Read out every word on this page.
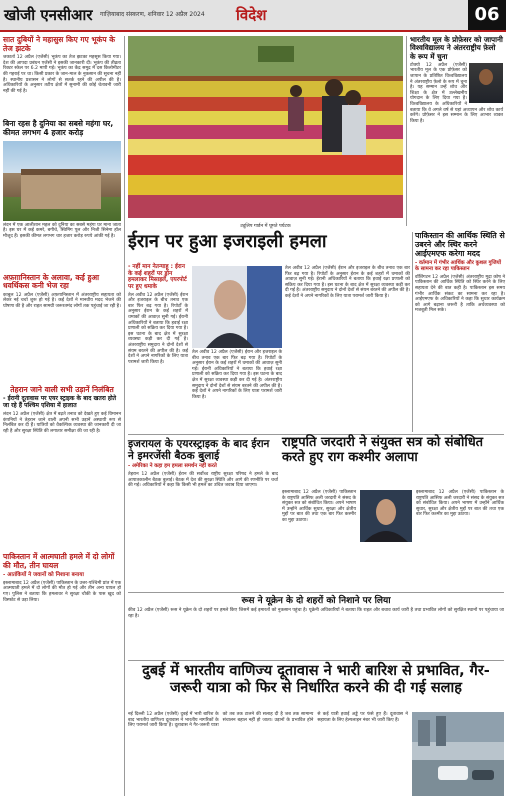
खोजी एनसीआर गाज़ियाबाद संस्करण, शनिवार 12 अप्रैल 2024 विदेश	06
सात दुबियों ने महासुस किए गए भूकंप के तेज झटके
जकार्ता 12 अप्रैल (एजेंसी) भूकंप का तेज झटका महसूस किया गया। देश की आपदा प्रबंधन एजेंसी ने इसकी जानकारी दी। भूकंप की तीव्रता रिक्टर स्केल पर 6.2 मापी गई। भूकंप का केंद्र समुद्र में दस किलोमीटर की गहराई पर था। किसी प्रकार के जान-माल के नुकसान की सूचना नहीं है। स्थानीय प्रशासन ने लोगों से सतर्क रहने की अपील की है। अधिकारियों के अनुसार तटीय क्षेत्रों में सुनामी की कोई चेतावनी जारी नहीं की गई है।
बिना रहस है दुनिया का सबसे महंगा घर, कीमत लगभग 4 हजार करोड़
लंदन में एक आलीशान महल को दुनिया का सबसे महंगा घर माना जाता है। इस घर में कई कमरे, बगीचे, स्विमिंग पूल और निजी सिनेमा हॉल मौजूद हैं। इसकी कीमत लगभग चार हजार करोड़ रुपये आंकी गई है।
अफ़ग़ानिस्तान के अलावा, कई हुआ धवर्थिकस कनी भेज रहा
काबुल 12 अप्रैल (एजेंसी) अफ़ग़ानिस्तान में अंतरराष्ट्रीय सहायता को लेकर नई चर्चा शुरू हो गई है। कई देशों ने मानवीय मदद भेजने की घोषणा की है और राहत सामग्री जरूरतमंद लोगों तक पहुंचाई जा रही है।
तेहरान जाने वाली सभी उड़ानें निलंबित
- ईरानी दूतावास पर एयर स्ट्राइक के बाद खतरा होते जा रहे हैं पश्चिम एशिया में हालात
लंदन 12 अप्रैल (एजेंसी) क्षेत्र में बढ़ते तनाव को देखते हुए कई विमानन कंपनियों ने तेहरान जाने वाली अपनी सभी उड़ानें अस्थायी रूप से निलंबित कर दी हैं। यात्रियों को वैकल्पिक व्यवस्था की जानकारी दी जा रही है और सुरक्षा स्थिति की लगातार समीक्षा की जा रही है।
पाकिस्तान में आत्मघाती हमले में दो लोगों की मौत, तीन घायल
- आतंकियों ने जवानों को निशाना बनाया
इस्लामाबाद 12 अप्रैल (एजेंसी) पाकिस्तान के उत्तर-पश्चिमी प्रांत में एक आत्मघाती हमले में दो लोगों की मौत हो गई और तीन अन्य घायल हो गए। पुलिस ने बताया कि हमलावर ने सुरक्षा चौकी के पास खुद को विस्फोट से उड़ा लिया।
ट्यूलिप गार्डन में घूमते पर्यटक
भारतीय मूल के प्रोफ़ेसर को जापानी विश्वविद्यालय ने अंतरराष्ट्रीय फ़ेलो के रूप में चुना
टोक्यो 12 अप्रैल (एजेंसी) भारतीय मूल के एक प्रोफ़ेसर को जापान के प्रतिष्ठित विश्वविद्यालय ने अंतरराष्ट्रीय फ़ेलो के रूप में चुना है। यह सम्मान उन्हें शोध और शिक्षा के क्षेत्र में उल्लेखनीय योगदान के लिए दिया गया है। विश्वविद्यालय के अधिकारियों ने बताया कि वे अगले वर्ष से यहां अध्यापन और शोध कार्य करेंगे। प्रोफ़ेसर ने इस सम्मान के लिए आभार व्यक्त किया है।
ईरान पर हुआ इजराइली हमला
- नहीं मान नेतन्याहू : ईरान के कई शहरों पर ड्रोन हमलाकर मिसाइलें, एयरपोर्ट पर हुए धमाके
तेल अवीव 12 अप्रैल (एजेंसी) ईरान और इजराइल के बीच तनाव एक बार फिर बढ़ गया है। रिपोर्टों के अनुसार ईरान के कई शहरों में धमाकों की आवाज़ सुनी गई। ईरानी अधिकारियों ने बताया कि हवाई रक्षा प्रणाली को सक्रिय कर दिया गया है। इस घटना के बाद क्षेत्र में सुरक्षा व्यवस्था कड़ी कर दी गई है। अंतरराष्ट्रीय समुदाय ने दोनों देशों से संयम बरतने की अपील की है। कई देशों ने अपने नागरिकों के लिए यात्रा परामर्श जारी किया है।
तेल अवीव 12 अप्रैल (एजेंसी) ईरान और इजराइल के बीच तनाव एक बार फिर बढ़ गया है। रिपोर्टों के अनुसार ईरान के कई शहरों में धमाकों की आवाज़ सुनी गई। ईरानी अधिकारियों ने बताया कि हवाई रक्षा प्रणाली को सक्रिय कर दिया गया है। इस घटना के बाद क्षेत्र में सुरक्षा व्यवस्था कड़ी कर दी गई है। अंतरराष्ट्रीय समुदाय ने दोनों देशों से संयम बरतने की अपील की है। कई देशों ने अपने नागरिकों के लिए यात्रा परामर्श जारी किया है।
तेल अवीव 12 अप्रैल (एजेंसी) ईरान और इजराइल के बीच तनाव एक बार फिर बढ़ गया है। रिपोर्टों के अनुसार ईरान के कई शहरों में धमाकों की आवाज़ सुनी गई। ईरानी अधिकारियों ने बताया कि हवाई रक्षा प्रणाली को सक्रिय कर दिया गया है। इस घटना के बाद क्षेत्र में सुरक्षा व्यवस्था कड़ी कर दी गई है। अंतरराष्ट्रीय समुदाय ने दोनों देशों से संयम बरतने की अपील की है। कई देशों ने अपने नागरिकों के लिए यात्रा परामर्श जारी किया है।
पाकिस्तान की आर्थिक स्थिति से उबरने और स्थिर करने आईएमएफ करेगा मदद
- वर्तमान में गंभीर आर्थिक और कुशल गुजियों के सामना कर रहा पाकिस्तान
वॉशिंगटन 12 अप्रैल (एजेंसी) अंतरराष्ट्रीय मुद्रा कोष ने पाकिस्तान की आर्थिक स्थिति को स्थिर करने के लिए सहायता देने की बात कही है। पाकिस्तान इस समय गंभीर आर्थिक संकट का सामना कर रहा है। आईएमएफ के अधिकारियों ने कहा कि सुधार कार्यक्रम को आगे बढ़ाना जरूरी है ताकि अर्थव्यवस्था को मजबूती मिल सके।
इजरायल के एयरस्ट्राइक के बाद ईरान ने इमरजेंसी बैठक बुलाई
- अमेरिका ने कहा हम हमला समर्थन नहीं करते
तेहरान 12 अप्रैल (एजेंसी) ईरान की सर्वोच्च राष्ट्रीय सुरक्षा परिषद ने हमले के बाद आपातकालीन बैठक बुलाई। बैठक में देश की सुरक्षा स्थिति और आगे की रणनीति पर चर्चा की गई। अधिकारियों ने कहा कि किसी भी हमले का उचित जवाब दिया जाएगा।
राष्ट्रपति जरदारी ने संयुक्त सत्र को संबोधित करते हुए राग कश्मीर अलापा
इस्लामाबाद 12 अप्रैल (एजेंसी) पाकिस्तान के राष्ट्रपति आसिफ अली जरदारी ने संसद के संयुक्त सत्र को संबोधित किया। अपने भाषण में उन्होंने आर्थिक सुधार, सुरक्षा और क्षेत्रीय मुद्दों पर बात की तथा एक बार फिर कश्मीर का मुद्दा उठाया।
इस्लामाबाद 12 अप्रैल (एजेंसी) पाकिस्तान के राष्ट्रपति आसिफ अली जरदारी ने संसद के संयुक्त सत्र को संबोधित किया। अपने भाषण में उन्होंने आर्थिक सुधार, सुरक्षा और क्षेत्रीय मुद्दों पर बात की तथा एक बार फिर कश्मीर का मुद्दा उठाया।
रूस ने यूक्रेन के दो शहरों को निशाने पर लिया
कीव 12 अप्रैल (एजेंसी) रूस ने यूक्रेन के दो शहरों पर हमले किए जिसमें कई इमारतों को नुकसान पहुंचा है। यूक्रेनी अधिकारियों ने बताया कि राहत और बचाव कार्य जारी है तथा प्रभावित लोगों को सुरक्षित स्थानों पर पहुंचाया जा रहा है।
दुबई में भारतीय वाणिज्य दूतावास ने भारी बारिश से प्रभावित, गैर-जरूरी यात्रा को फिर से निर्धारित करने की दी गई सलाह
नई दिल्ली 12 अप्रैल (एजेंसी) दुबई में भारी बारिश के बाद भारतीय वाणिज्य दूतावास ने भारतीय नागरिकों के लिए परामर्श जारी किया है। दूतावास ने गैर-जरूरी यात्रा को तब तक टालने की सलाह दी है जब तक सामान्य संचालन बहाल नहीं हो जाता। उड़ानों के प्रभावित होने से कई यात्री हवाई अड्डे पर फंसे हुए हैं। दूतावास ने सहायता के लिए हेल्पलाइन नंबर भी जारी किए हैं।
